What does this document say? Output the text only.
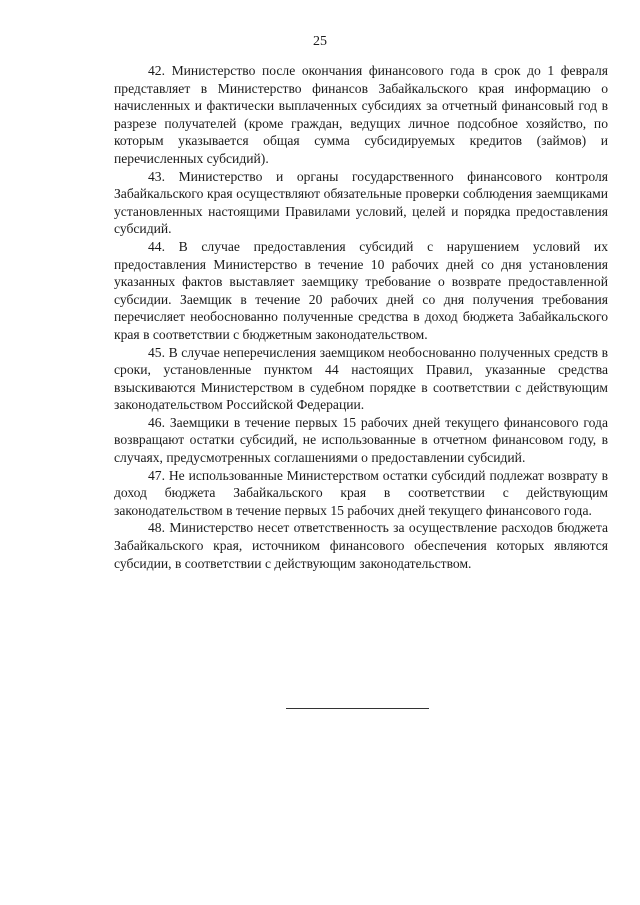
25

42. Министерство после окончания финансового года в срок до 1 февраля представляет в Министерство финансов Забайкальского края информацию о начисленных и фактически выплаченных субсидиях за отчетный финансовый год в разрезе получателей (кроме граждан, ведущих личное подсобное хозяйство, по которым указывается общая сумма субсидируемых кредитов (займов) и перечисленных субсидий).

43. Министерство и органы государственного финансового контроля Забайкальского края осуществляют обязательные проверки соблюдения заемщиками установленных настоящими Правилами условий, целей и порядка предоставления субсидий.

44. В случае предоставления субсидий с нарушением условий их предоставления Министерство в течение 10 рабочих дней со дня установления указанных фактов выставляет заемщику требование о возврате предоставленной субсидии. Заемщик в течение 20 рабочих дней со дня получения требования перечисляет необоснованно полученные средства в доход бюджета Забайкальского края в соответствии с бюджетным законодательством.

45. В случае неперечисления заемщиком необоснованно полученных средств в сроки, установленные пунктом 44 настоящих Правил, указанные средства взыскиваются Министерством в судебном порядке в соответствии с действующим законодательством Российской Федерации.

46. Заемщики в течение первых 15 рабочих дней текущего финансового года возвращают остатки субсидий, не использованные в отчетном финансовом году, в случаях, предусмотренных соглашениями о предоставлении субсидий.

47. Не использованные Министерством остатки субсидий подлежат возврату в доход бюджета Забайкальского края в соответствии с действующим законодательством в течение первых 15 рабочих дней текущего финансового года.

48. Министерство несет ответственность за осуществление расходов бюджета Забайкальского края, источником финансового обеспечения которых являются субсидии, в соответствии с действующим законодательством.
